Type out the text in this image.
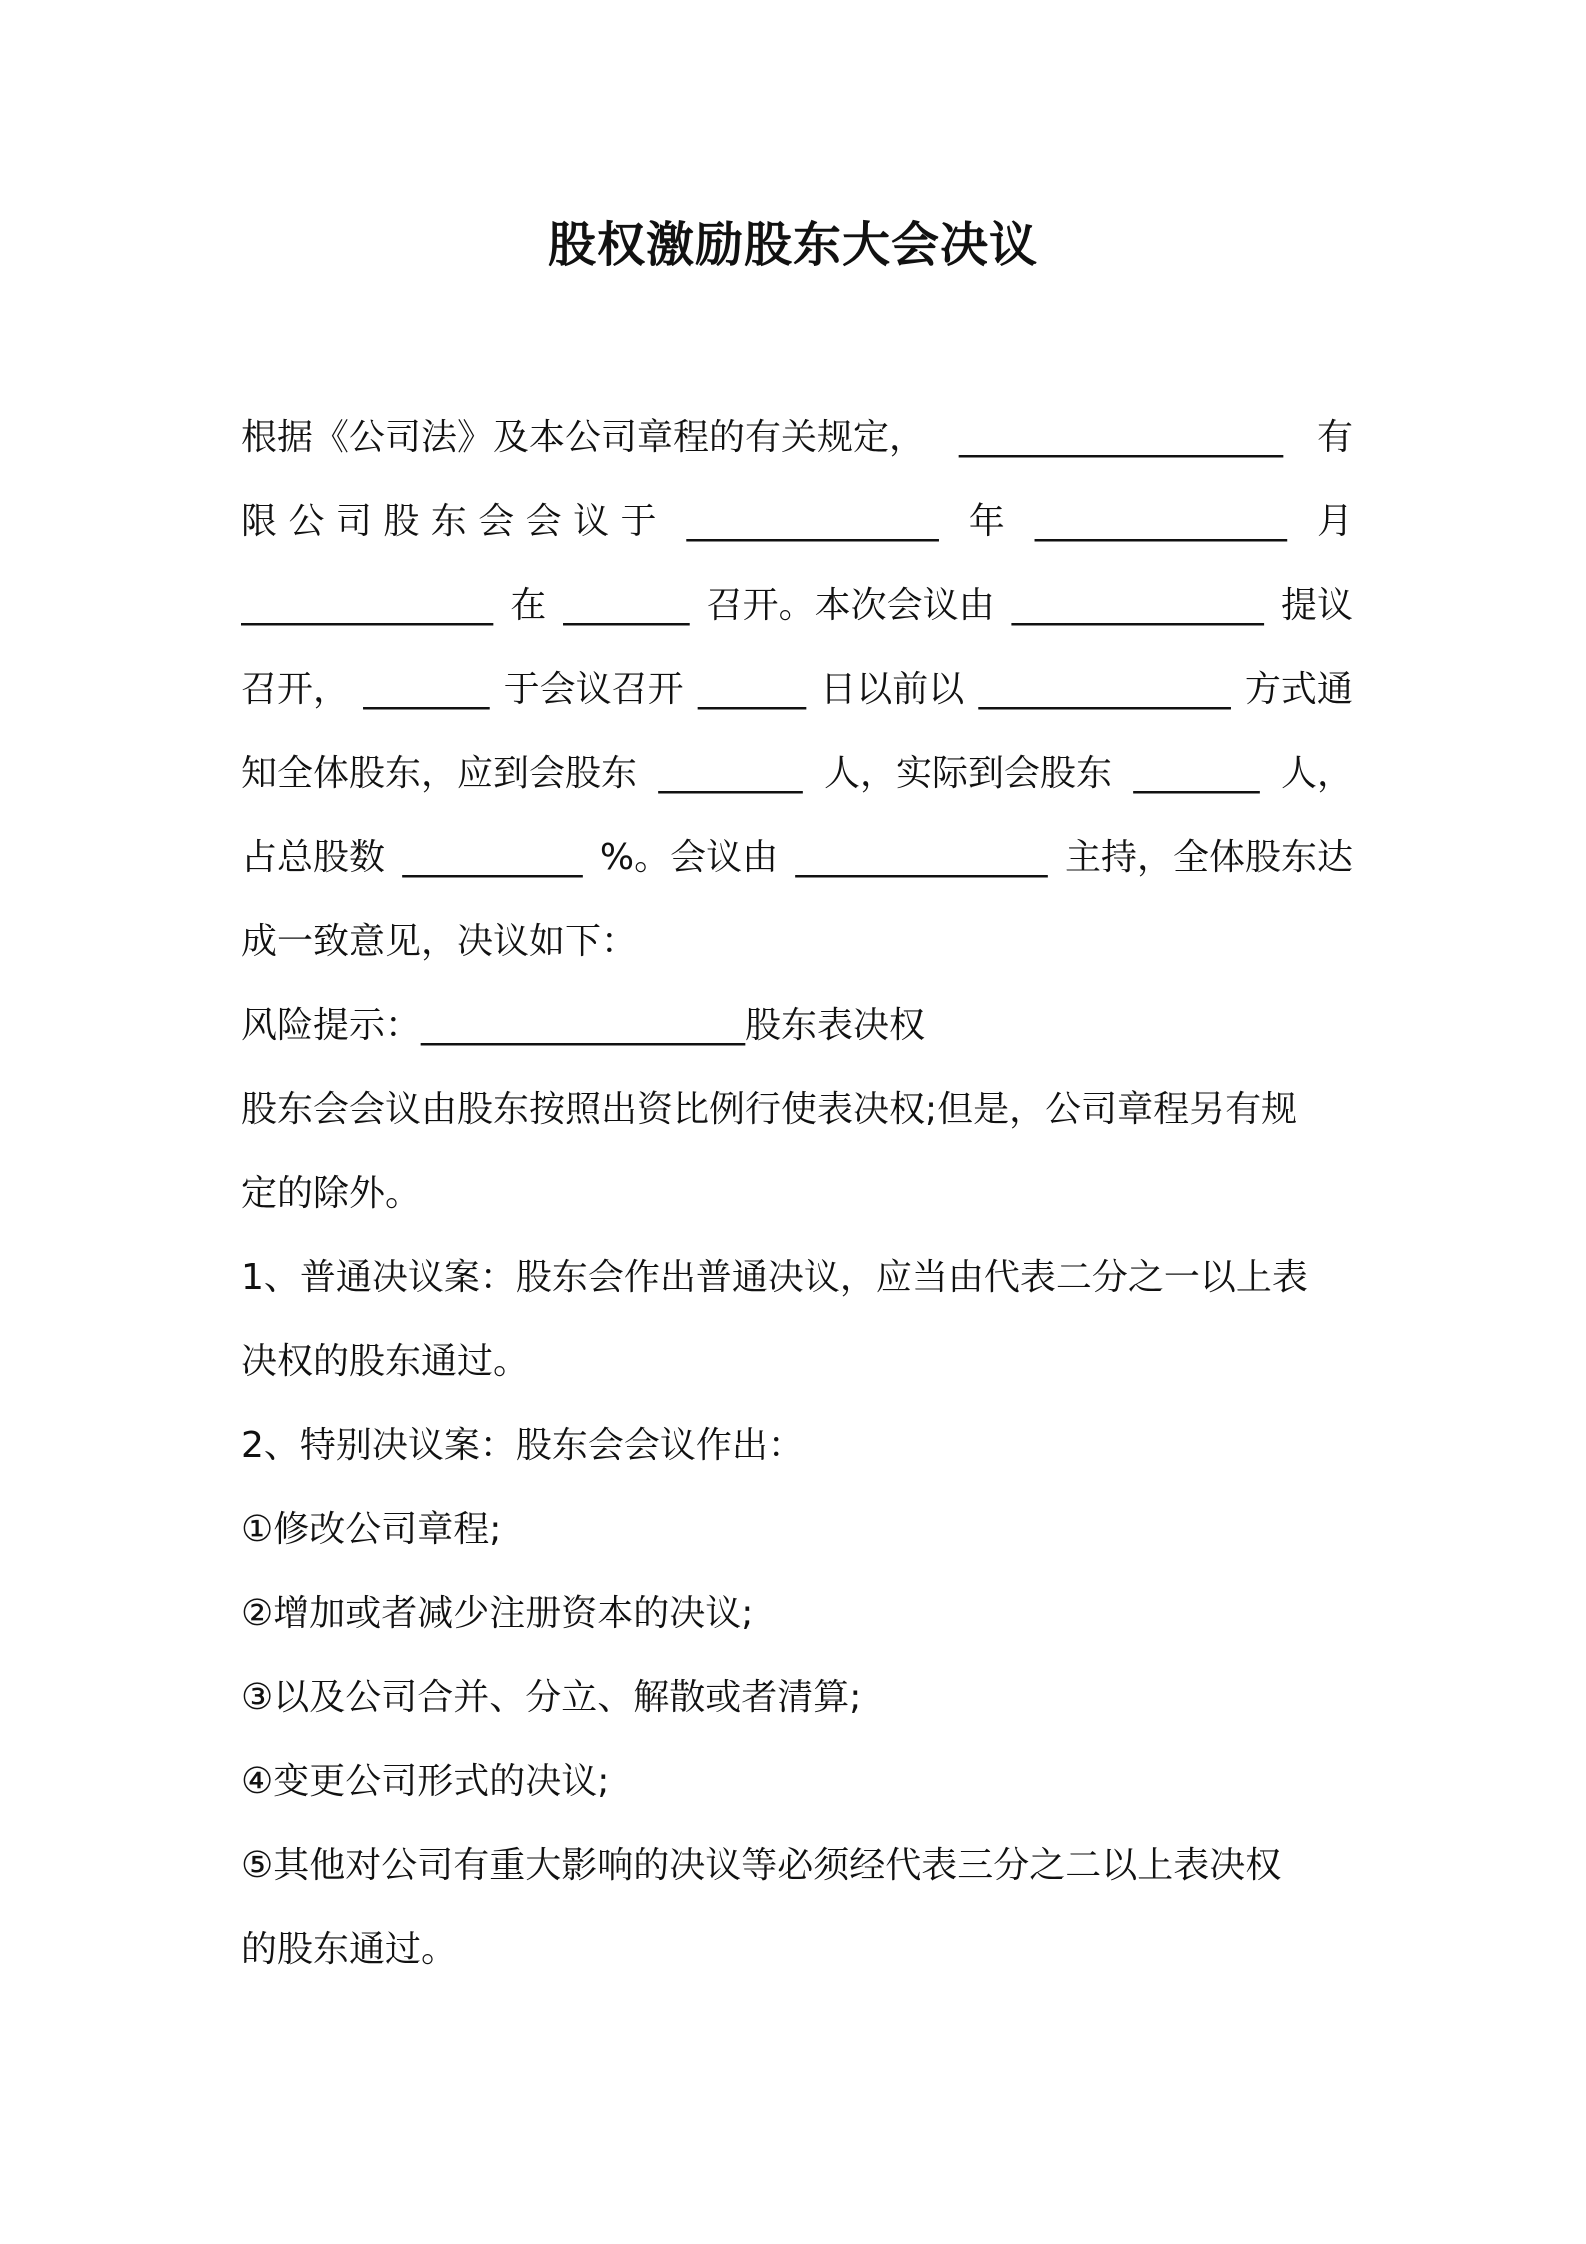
股权激励股东大会决议
根据《公司法》及本公司章程的有关规定， __________________ 有
限 公 司 股 东 会 会 议 于 ______________ 年 ______________ 月
______________ 在 _______ 召开。本次会议由 ______________ 提议
召开， _______ 于会议召开 ______ 日以前以 ______________ 方式通
知全体股东，应到会股东 ________ 人，实际到会股东 _______ 人，
占总股数 __________ %。会议由 ______________ 主持，全体股东达
成一致意见，决议如下：
风险提示：__________________股东表决权
股东会会议由股东按照出资比例行使表决权;但是，公司章程另有规
定的除外。
1、普通决议案：股东会作出普通决议，应当由代表二分之一以上表
决权的股东通过。
2、特别决议案：股东会会议作出：
①修改公司章程;
②增加或者减少注册资本的决议;
③以及公司合并、分立、解散或者清算;
④变更公司形式的决议;
⑤其他对公司有重大影响的决议等必须经代表三分之二以上表决权
的股东通过。
